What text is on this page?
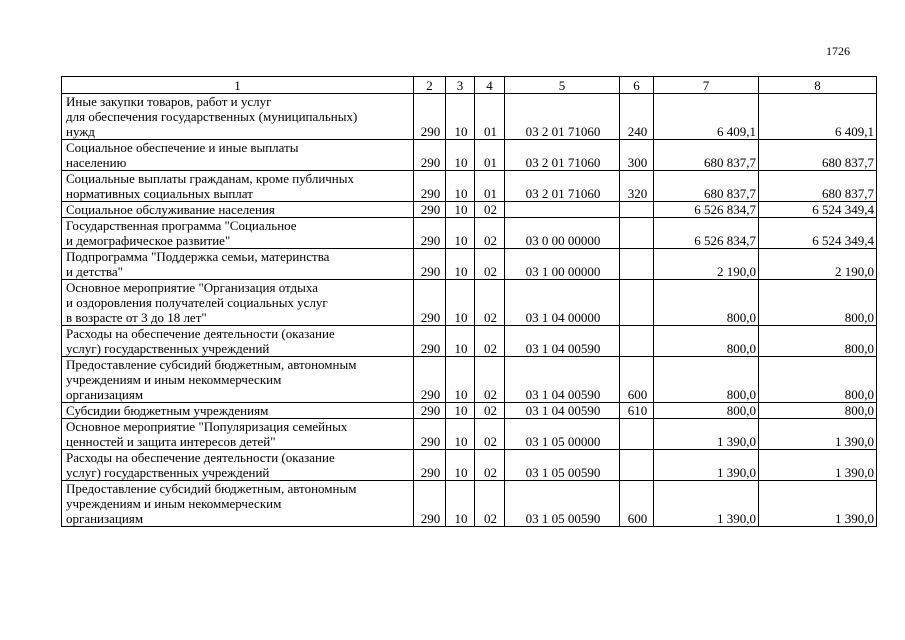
1726
1	2	3	4	5	6	7	8

Иные закупки товаров, работ и услуг
для обеспечения государственных (муниципальных)
нужд	290	10	01	03 2 01 71060	240	6 409,1	6 409,1

Социальное обеспечение и иные выплаты
населению	290	10	01	03 2 01 71060	300	680 837,7	680 837,7

Социальные выплаты гражданам, кроме публичных
нормативных социальных выплат	290	10	01	03 2 01 71060	320	680 837,7	680 837,7

Социальное обслуживание населения	290	10	02			6 526 834,7	6 524 349,4

Государственная программа "Социальное
и демографическое развитие"	290	10	02	03 0 00 00000		6 526 834,7	6 524 349,4

Подпрограмма "Поддержка семьи, материнства
и детства"	290	10	02	03 1 00 00000		2 190,0	2 190,0

Основное мероприятие "Организация отдыха
и оздоровления получателей социальных услуг
в возрасте от 3 до 18 лет"	290	10	02	03 1 04 00000		800,0	800,0

Расходы на обеспечение деятельности (оказание
услуг) государственных учреждений	290	10	02	03 1 04 00590		800,0	800,0

Предоставление субсидий бюджетным, автономным
учреждениям и иным некоммерческим
организациям	290	10	02	03 1 04 00590	600	800,0	800,0

Субсидии бюджетным учреждениям	290	10	02	03 1 04 00590	610	800,0	800,0

Основное мероприятие "Популяризация семейных
ценностей и защита интересов детей"	290	10	02	03 1 05 00000		1 390,0	1 390,0

Расходы на обеспечение деятельности (оказание
услуг) государственных учреждений	290	10	02	03 1 05 00590		1 390,0	1 390,0

Предоставление субсидий бюджетным, автономным
учреждениям и иным некоммерческим
организациям	290	10	02	03 1 05 00590	600	1 390,0	1 390,0
